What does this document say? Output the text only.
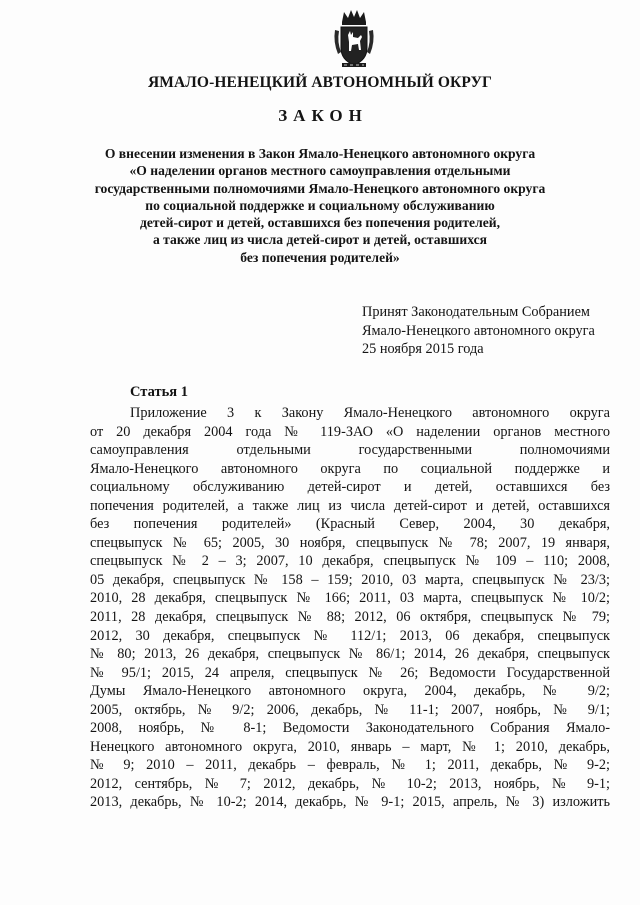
ЯМАЛО-НЕНЕЦКИЙ АВТОНОМНЫЙ ОКРУГ
ЗАКОН
О внесении изменения в Закон Ямало-Ненецкого автономного округа
«О наделении органов местного самоуправления отдельными
государственными полномочиями Ямало-Ненецкого автономного округа
по социальной поддержке и социальному обслуживанию
детей-сирот и детей, оставшихся без попечения родителей,
а также лиц из числа детей-сирот и детей, оставшихся
без попечения родителей»
Принят Законодательным Собранием
Ямало-Ненецкого автономного округа
25 ноября 2015 года
Статья 1
Приложение 3 к Закону Ямало-Ненецкого автономного округа
от 20 декабря 2004 года № 119-ЗАО «О наделении органов местного
самоуправления отдельными государственными полномочиями
Ямало-Ненецкого автономного округа по социальной поддержке и
социальному обслуживанию детей-сирот и детей, оставшихся без
попечения родителей, а также лиц из числа детей-сирот и детей, оставшихся
без попечения родителей» (Красный Север, 2004, 30 декабря,
спецвыпуск № 65; 2005, 30 ноября, спецвыпуск № 78; 2007, 19 января,
спецвыпуск № 2 – 3; 2007, 10 декабря, спецвыпуск № 109 – 110; 2008,
05 декабря, спецвыпуск № 158 – 159; 2010, 03 марта, спецвыпуск № 23/3;
2010, 28 декабря, спецвыпуск № 166; 2011, 03 марта, спецвыпуск № 10/2;
2011, 28 декабря, спецвыпуск № 88; 2012, 06 октября, спецвыпуск № 79;
2012, 30 декабря, спецвыпуск № 112/1; 2013, 06 декабря, спецвыпуск
№ 80; 2013, 26 декабря, спецвыпуск № 86/1; 2014, 26 декабря, спецвыпуск
№ 95/1; 2015, 24 апреля, спецвыпуск № 26; Ведомости Государственной
Думы Ямало-Ненецкого автономного округа, 2004, декабрь, № 9/2;
2005, октябрь, № 9/2; 2006, декабрь, № 11-1; 2007, ноябрь, № 9/1;
2008, ноябрь, № 8-1; Ведомости Законодательного Собрания Ямало-
Ненецкого автономного округа, 2010, январь – март, № 1; 2010, декабрь,
№ 9; 2010 – 2011, декабрь – февраль, № 1; 2011, декабрь, № 9-2;
2012, сентябрь, № 7; 2012, декабрь, № 10-2; 2013, ноябрь, № 9-1;
2013, декабрь, № 10-2; 2014, декабрь, № 9-1; 2015, апрель, № 3) изложить
